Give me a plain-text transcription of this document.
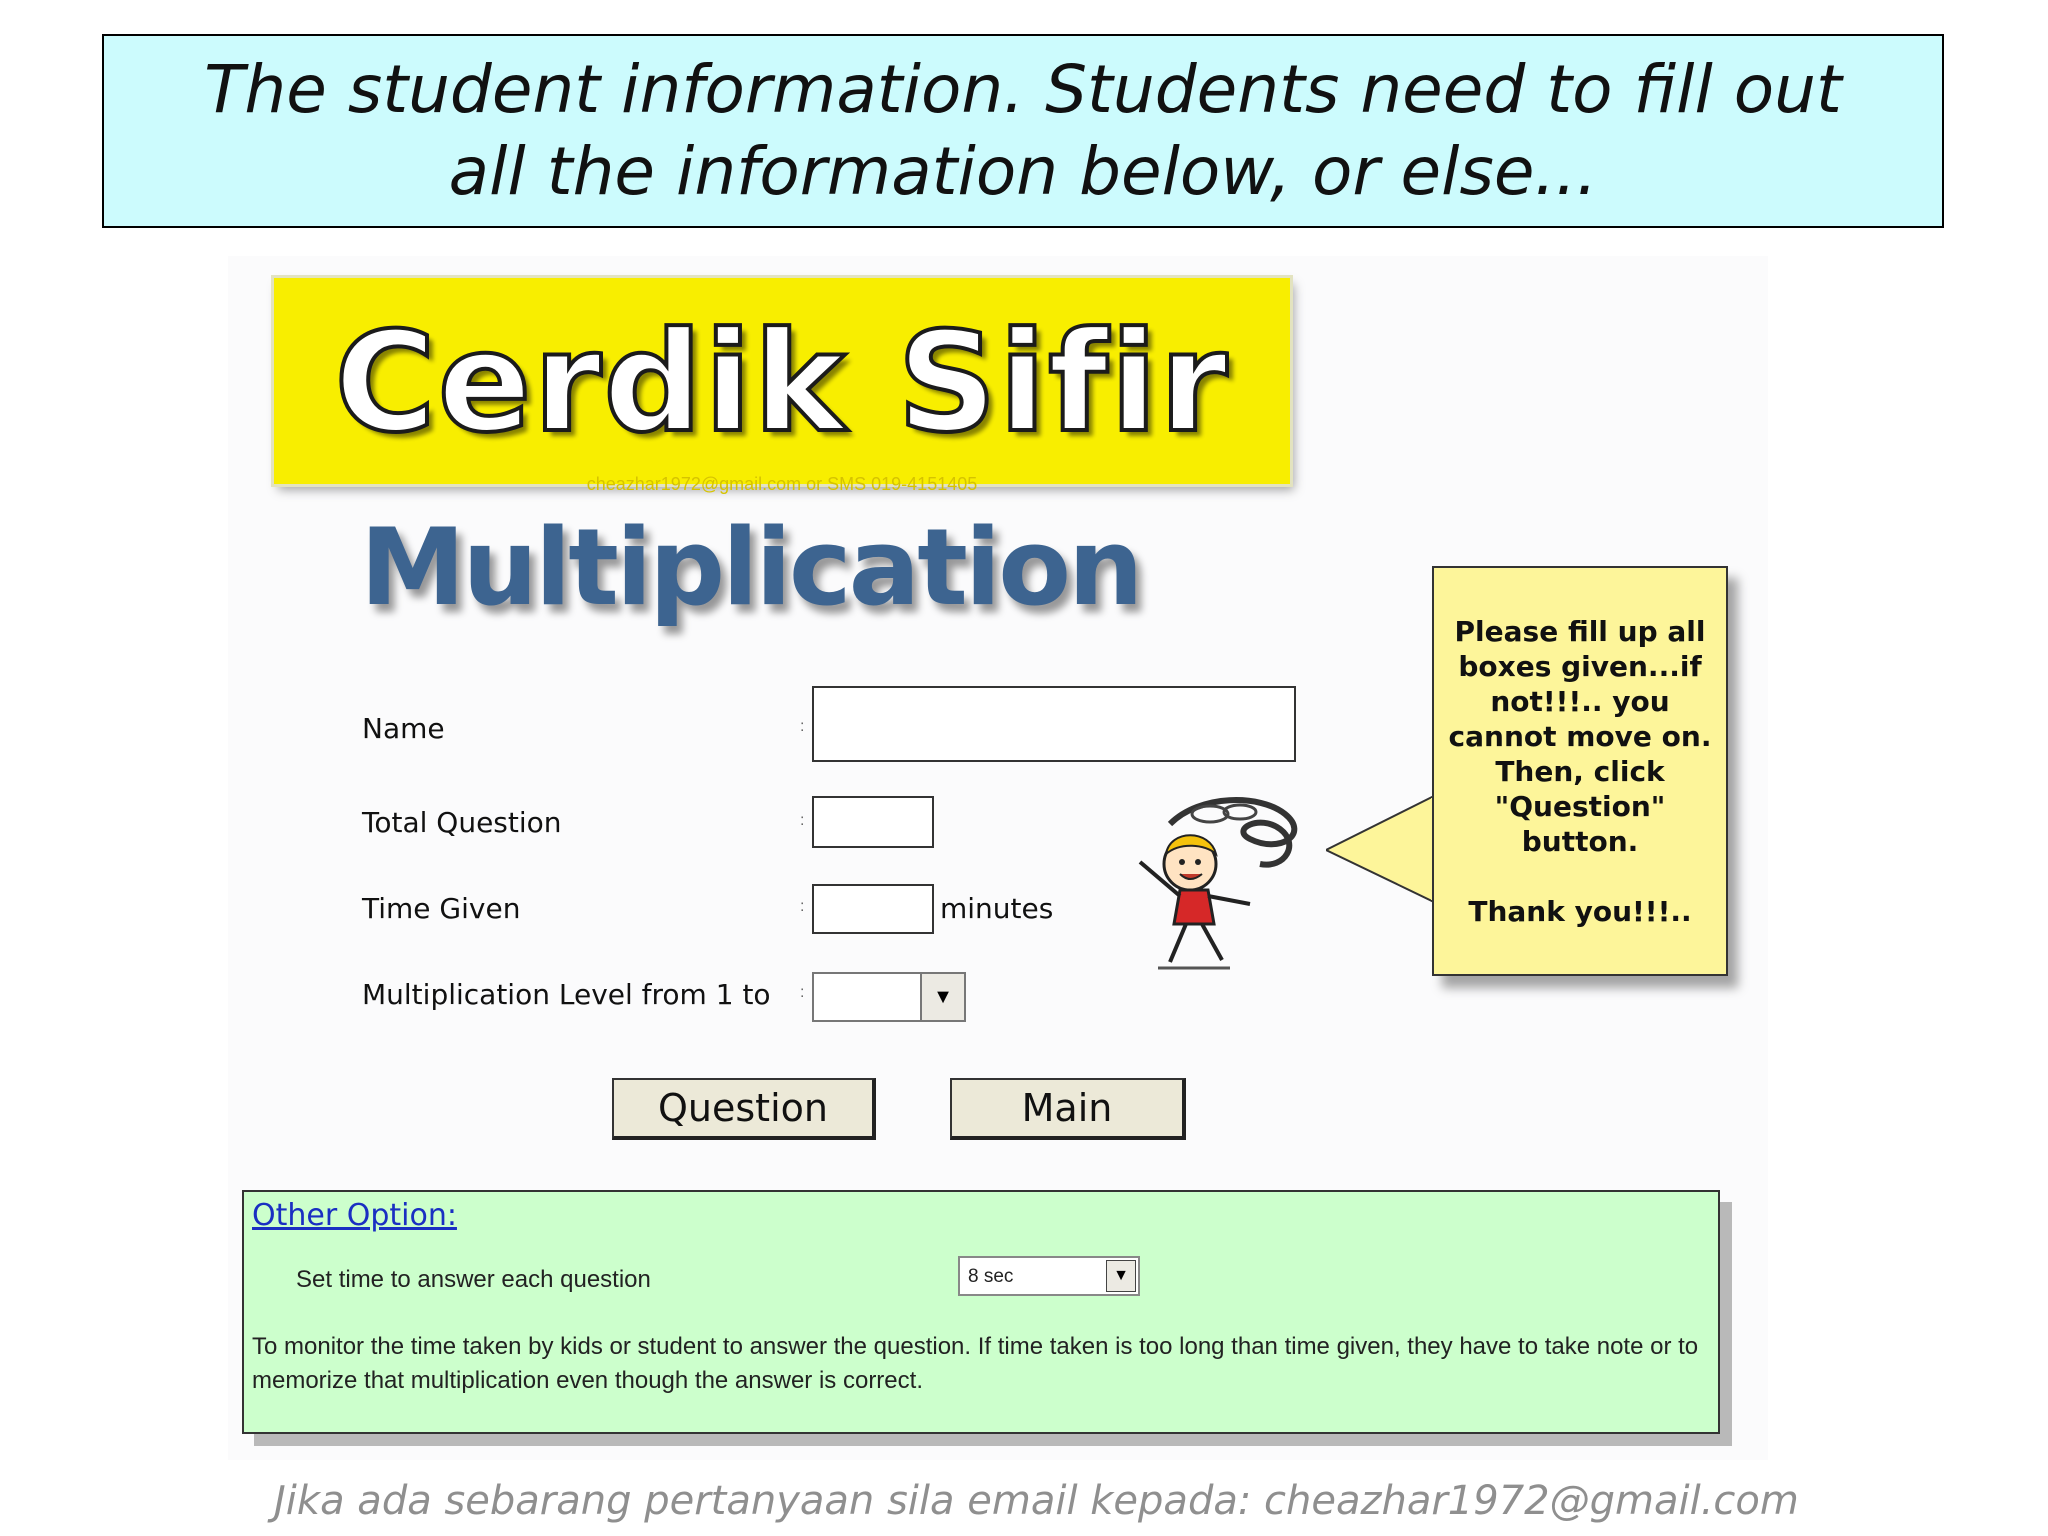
The student information. Students need to fill out all the information below, or else...
Cerdik Sifir
cheazhar1972@gmail.com or SMS 019-4151405
Multiplication
Name	:
Total Question	:
Time Given	:	minutes
Multiplication Level from 1 to :	▼
Question	Main
Please fill up all boxes given...if not!!!.. you cannot move on. Then, click "Question" button.

Thank you!!!..
Other Option:
Set time to answer each question	8 sec	▼
To monitor the time taken by kids or student to answer the question. If time taken is too long than time given, they have to take note or to memorize that multiplication even though the answer is correct.
Jika ada sebarang pertanyaan sila email kepada: cheazhar1972@gmail.com
